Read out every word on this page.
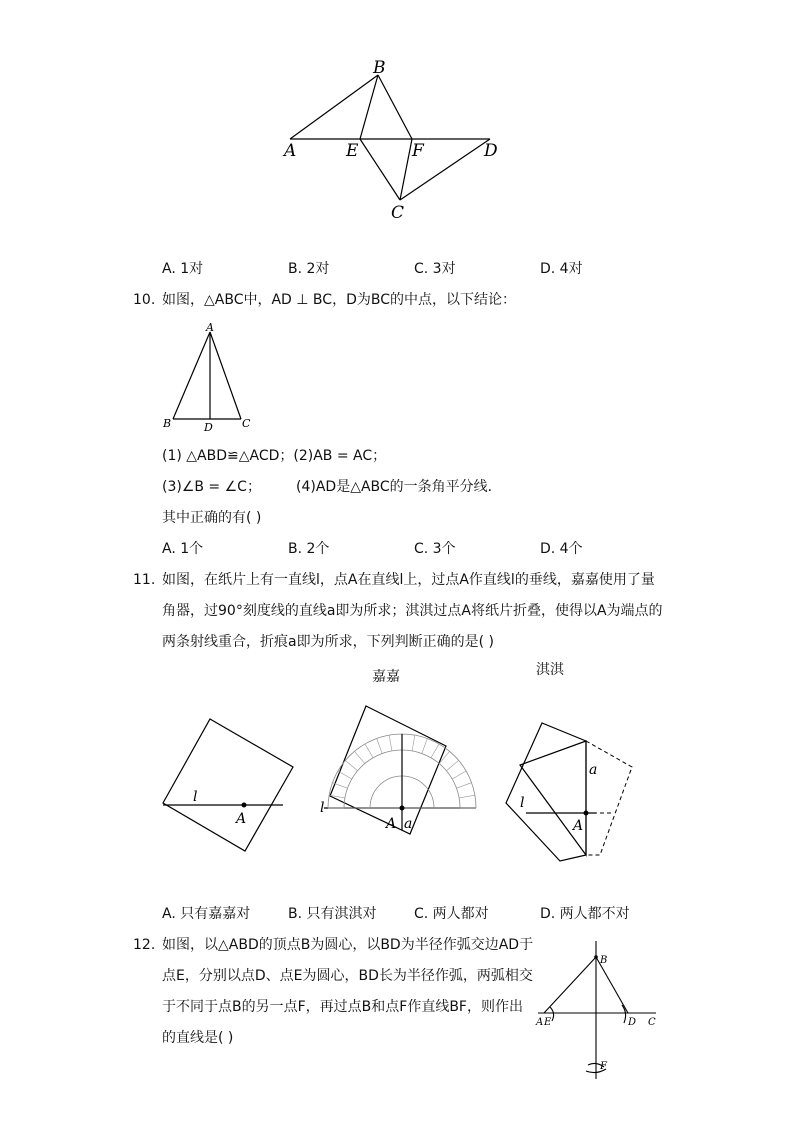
B
A	E	F	D
C
A. 1对	B. 2对	C. 3对	D. 4对
10. 如图，△ABC中，AD ⊥ BC，D为BC的中点，以下结论：
A
B	D	C
(1) △ABD≌△ACD；(2)AB = AC；
(3)∠B = ∠C；	(4)AD是△ABC的一条角平分线．
其中正确的有( )
A. 1个	B. 2个	C. 3个	D. 4个
11. 如图，在纸片上有一直线l，点A在直线l上，过点A作直线l的垂线，嘉嘉使用了量
角器，过90°刻度线的直线a即为所求；淇淇过点A将纸片折叠，使得以A为端点的
两条射线重合，折痕a即为所求，下列判断正确的是( )
嘉嘉	淇淇
l
A
l
A a
a
l
A
A. 只有嘉嘉对	B. 只有淇淇对	C. 两人都对	D. 两人都不对
12. 如图，以△ABD的顶点B为圆心，以BD为半径作弧交边AD于
点E，分别以点D、点E为圆心，BD长为半径作弧，两弧相交
于不同于点B的另一点F，再过点B和点F作直线BF，则作出
的直线是( )
B
A E	D C
F
